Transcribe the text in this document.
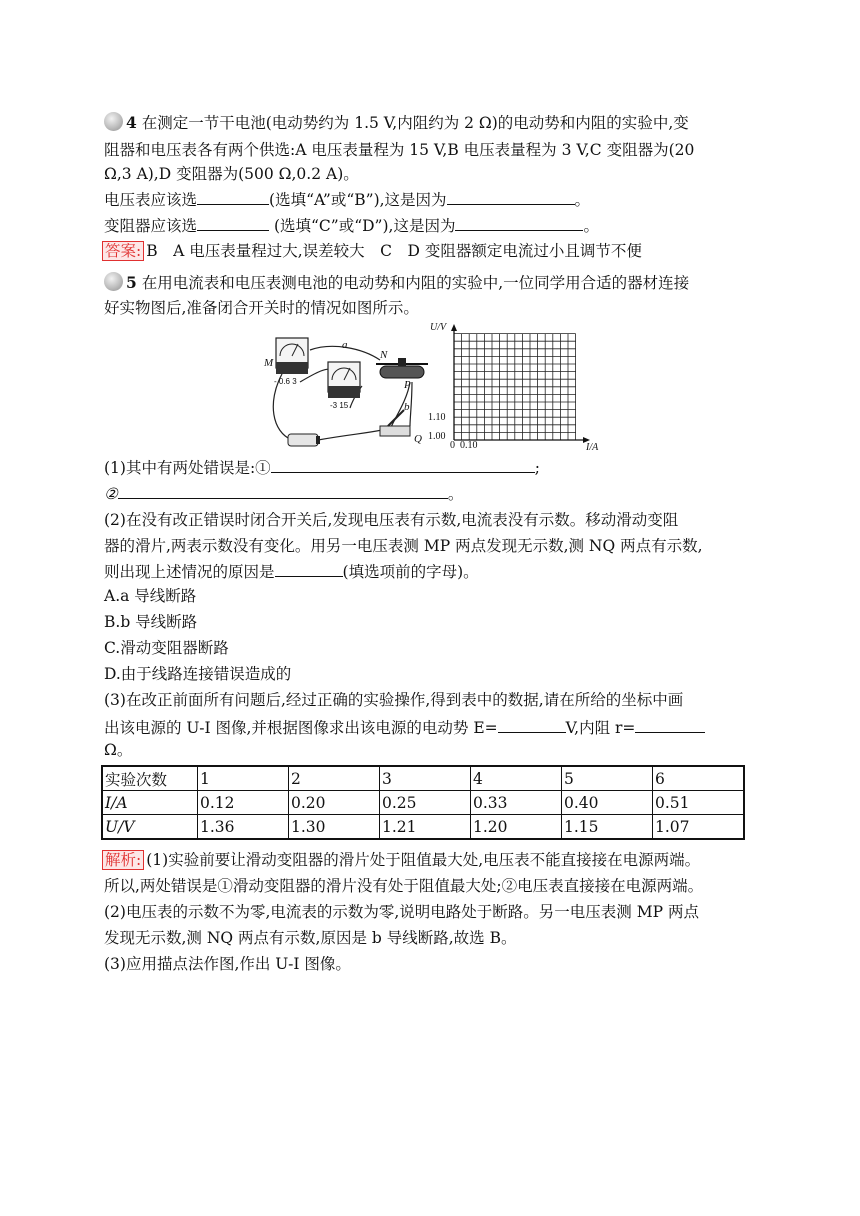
4 在测定一节干电池(电动势约为 1.5 V,内阻约为 2 Ω)的电动势和内阻的实验中,变
阻器和电压表各有两个供选:A 电压表量程为 15 V,B 电压表量程为 3 V,C 变阻器为(20
Ω,3 A),D 变阻器为(500 Ω,0.2 A)。
电压表应该选	(选填“A”或“B”),这是因为	。
变阻器应该选	(选填“C”或“D”),这是因为	。
答案: B　A 电压表量程过大,误差较大　C　D 变阻器额定电流过小且调节不便
5 在用电流表和电压表测电池的电动势和内阻的实验中,一位同学用合适的器材连接
好实物图后,准备闭合开关时的情况如图所示。
M
a
N
P
b
Q
- 0.6 3
-3 15
U/V
I/A
1.10
1.00
0 0.10
(1)其中有两处错误是:①	;
②	。
(2)在没有改正错误时闭合开关后,发现电压表有示数,电流表没有示数。移动滑动变阻
器的滑片,两表示数没有变化。用另一电压表测 MP 两点发现无示数,测 NQ 两点有示数,
则出现上述情况的原因是	(填选项前的字母)。
A.a 导线断路
B.b 导线断路
C.滑动变阻器断路
D.由于线路连接错误造成的
(3)在改正前面所有问题后,经过正确的实验操作,得到表中的数据,请在所给的坐标中画
出该电源的 U-I 图像,并根据图像求出该电源的电动势 E=	V,内阻 r=
Ω。
实验次数	1	2	3	4	5	6
I/A	0.12	0.20	0.25	0.33	0.40	0.51
U/V	1.36	1.30	1.21	1.20	1.15	1.07
解析: (1)实验前要让滑动变阻器的滑片处于阻值最大处,电压表不能直接接在电源两端。
所以,两处错误是①滑动变阻器的滑片没有处于阻值最大处;②电压表直接接在电源两端。
(2)电压表的示数不为零,电流表的示数为零,说明电路处于断路。另一电压表测 MP 两点
发现无示数,测 NQ 两点有示数,原因是 b 导线断路,故选 B。
(3)应用描点法作图,作出 U-I 图像。
